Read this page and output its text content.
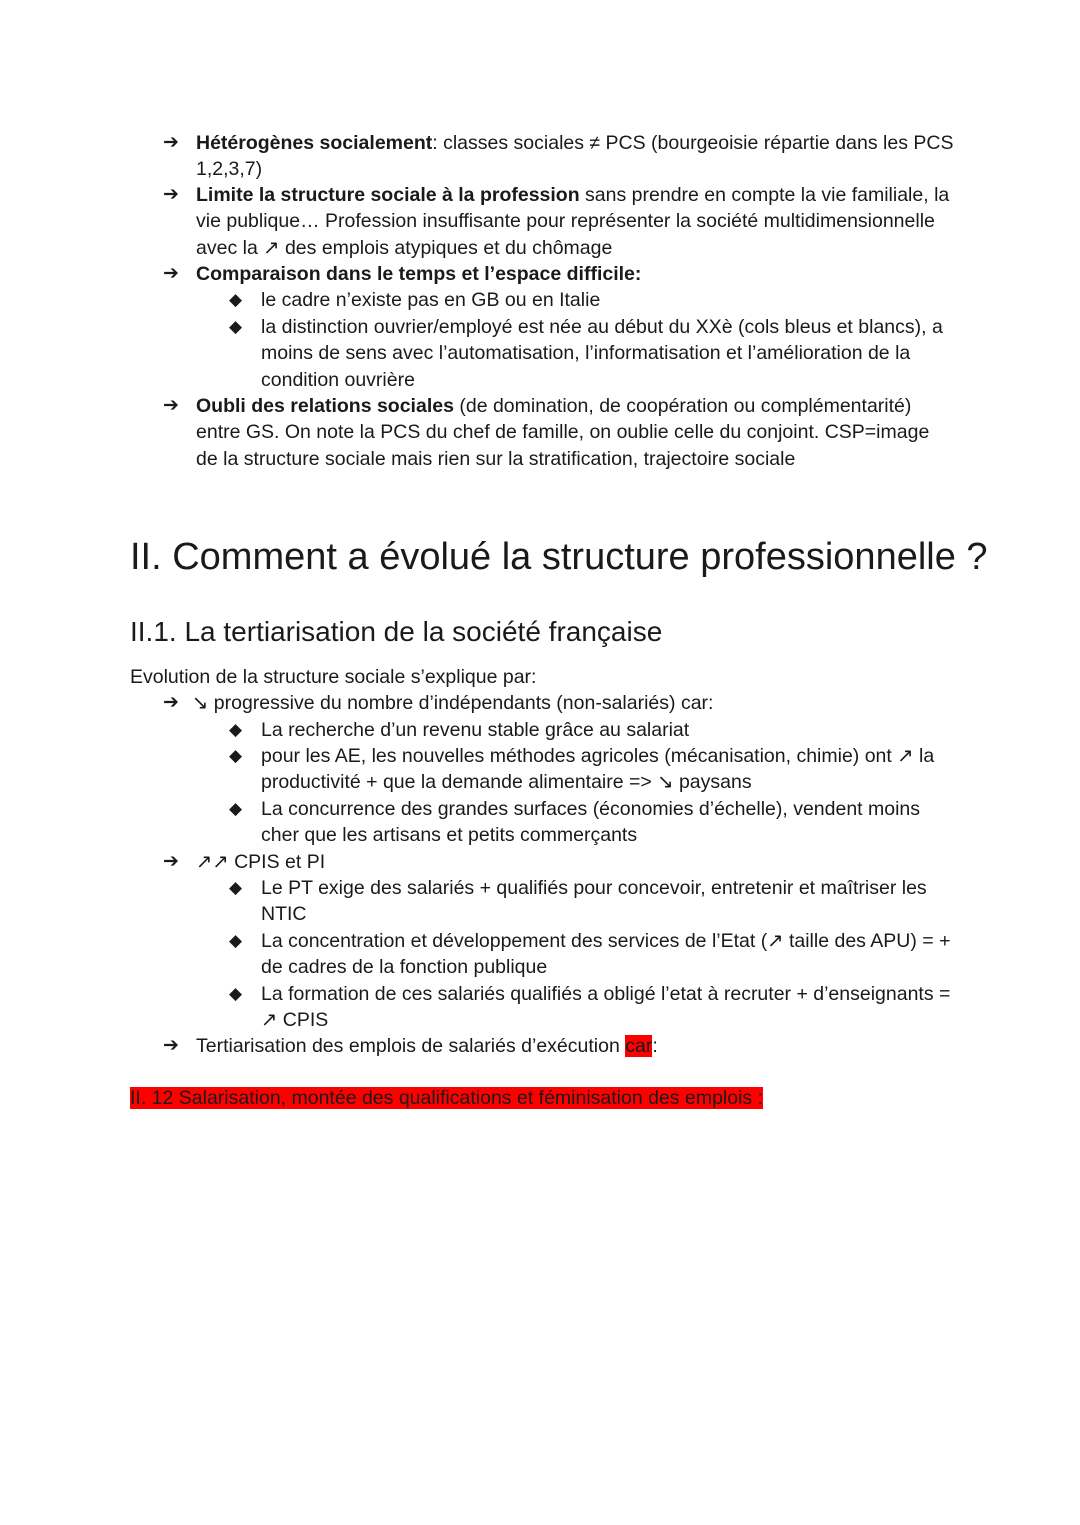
➔ Hétérogènes socialement: classes sociales ≠ PCS (bourgeoisie répartie dans les PCS 1,2,3,7)
➔ Limite la structure sociale à la profession sans prendre en compte la vie familiale, la vie publique… Profession insuffisante pour représenter la société multidimensionnelle avec la ↗ des emplois atypiques et du chômage
➔ Comparaison dans le temps et l’espace difficile:
◆ le cadre n’existe pas en GB ou en Italie
◆ la distinction ouvrier/employé est née au début du XXè (cols bleus et blancs), a moins de sens avec l’automatisation, l’informatisation et l’amélioration de la condition ouvrière
➔ Oubli des relations sociales (de domination, de coopération ou complémentarité) entre GS. On note la PCS du chef de famille, on oublie celle du conjoint. CSP=image de la structure sociale mais rien sur la stratification, trajectoire sociale
II. Comment a évolué la structure professionnelle ?
II.1. La tertiarisation de la société française
Evolution de la structure sociale s’explique par:
➔ ↘ progressive du nombre d’indépendants (non-salariés) car:
◆ La recherche d’un revenu stable grâce au salariat
◆ pour les AE, les nouvelles méthodes agricoles (mécanisation, chimie) ont ↗ la productivité + que la demande alimentaire => ↘ paysans
◆ La concurrence des grandes surfaces (économies d’échelle), vendent moins cher que les artisans et petits commerçants
➔ ↗↗ CPIS et PI
◆ Le PT exige des salariés + qualifiés pour concevoir, entretenir et maîtriser les NTIC
◆ La concentration et développement des services de l’Etat (↗ taille des APU) = + de cadres de la fonction publique
◆ La formation de ces salariés qualifiés a obligé l’etat à recruter + d’enseignants = ↗ CPIS
➔ Tertiarisation des emplois de salariés d’exécution car:
II. 12 Salarisation, montée des qualifications et féminisation des emplois :
